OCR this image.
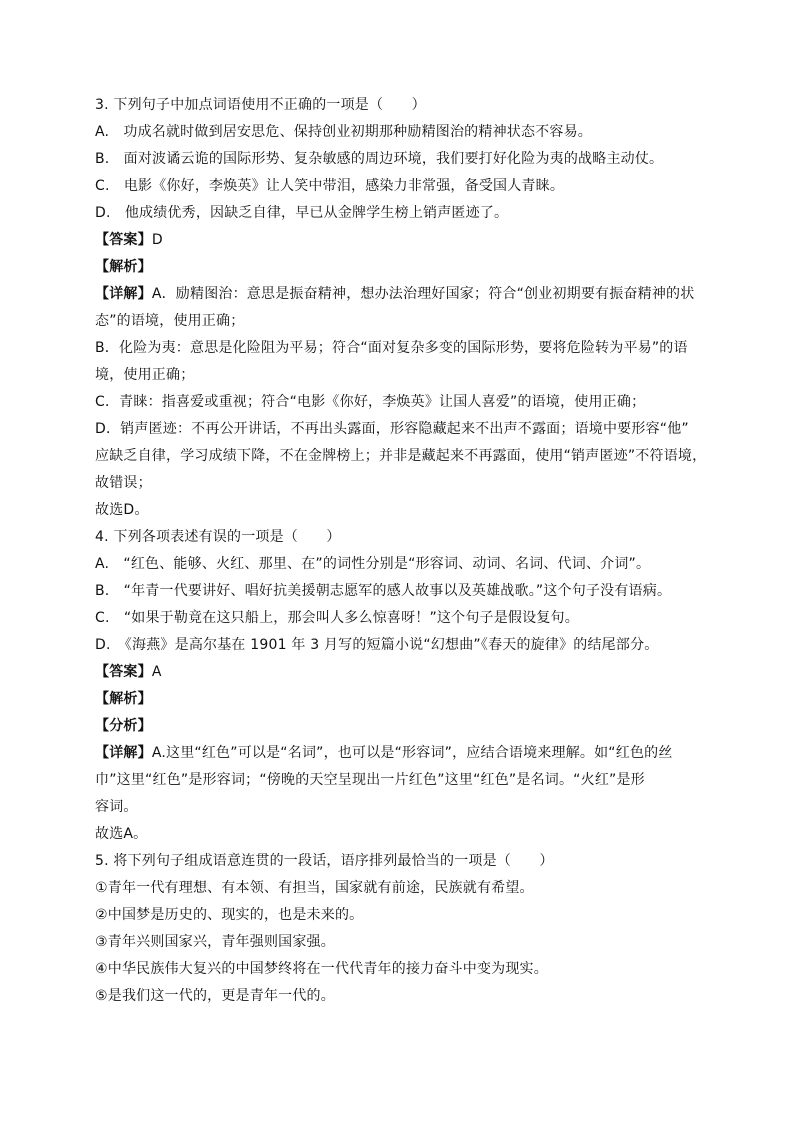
3. 下列句子中加点词语使用不正确的一项是（　　）
A.　功成名就时做到居安思危、保持创业初期那种励精图治的精神状态不容易。
B.　面对波谲云诡的国际形势、复杂敏感的周边环境，我们要打好化险为夷的战略主动仗。
C.　电影《你好，李焕英》让人笑中带泪，感染力非常强，备受国人青睐。
D.　他成绩优秀，因缺乏自律，早已从金牌学生榜上销声匿迹了。
【答案】D
【解析】
【详解】A．励精图治：意思是振奋精神，想办法治理好国家；符合“创业初期要有振奋精神的状
态”的语境，使用正确；
B．化险为夷：意思是化险阻为平易；符合“面对复杂多变的国际形势，要将危险转为平易”的语
境，使用正确；
C．青睐：指喜爱或重视；符合“电影《你好，李焕英》让国人喜爱”的语境，使用正确；
D．销声匿迹：不再公开讲话，不再出头露面，形容隐藏起来不出声不露面；语境中要形容“他”
应缺乏自律，学习成绩下降，不在金牌榜上；并非是藏起来不再露面，使用“销声匿迹”不符语境，
故错误；
故选D。
4. 下列各项表述有误的一项是（　　）
A.　“红色、能够、火红、那里、在”的词性分别是“形容词、动词、名词、代词、介词”。
B.　“年青一代要讲好、唱好抗美援朝志愿军的感人故事以及英雄战歌。”这个句子没有语病。
C.　“如果于勒竟在这只船上，那会叫人多么惊喜呀！”这个句子是假设复句。
D.　《海燕》是高尔基在 1901 年 3 月写的短篇小说“幻想曲”《春天的旋律》的结尾部分。
【答案】A
【解析】
【分析】
【详解】A.这里“红色”可以是“名词”，也可以是“形容词”，应结合语境来理解。如“红色的丝
巾”这里“红色”是形容词；“傍晚的天空呈现出一片红色”这里“红色”是名词。“火红”是形
容词。
故选A。
5. 将下列句子组成语意连贯的一段话，语序排列最恰当的一项是（　　）
①青年一代有理想、有本领、有担当，国家就有前途，民族就有希望。
②中国梦是历史的、现实的，也是未来的。
③青年兴则国家兴，青年强则国家强。
④中华民族伟大复兴的中国梦终将在一代代青年的接力奋斗中变为现实。
⑤是我们这一代的，更是青年一代的。
